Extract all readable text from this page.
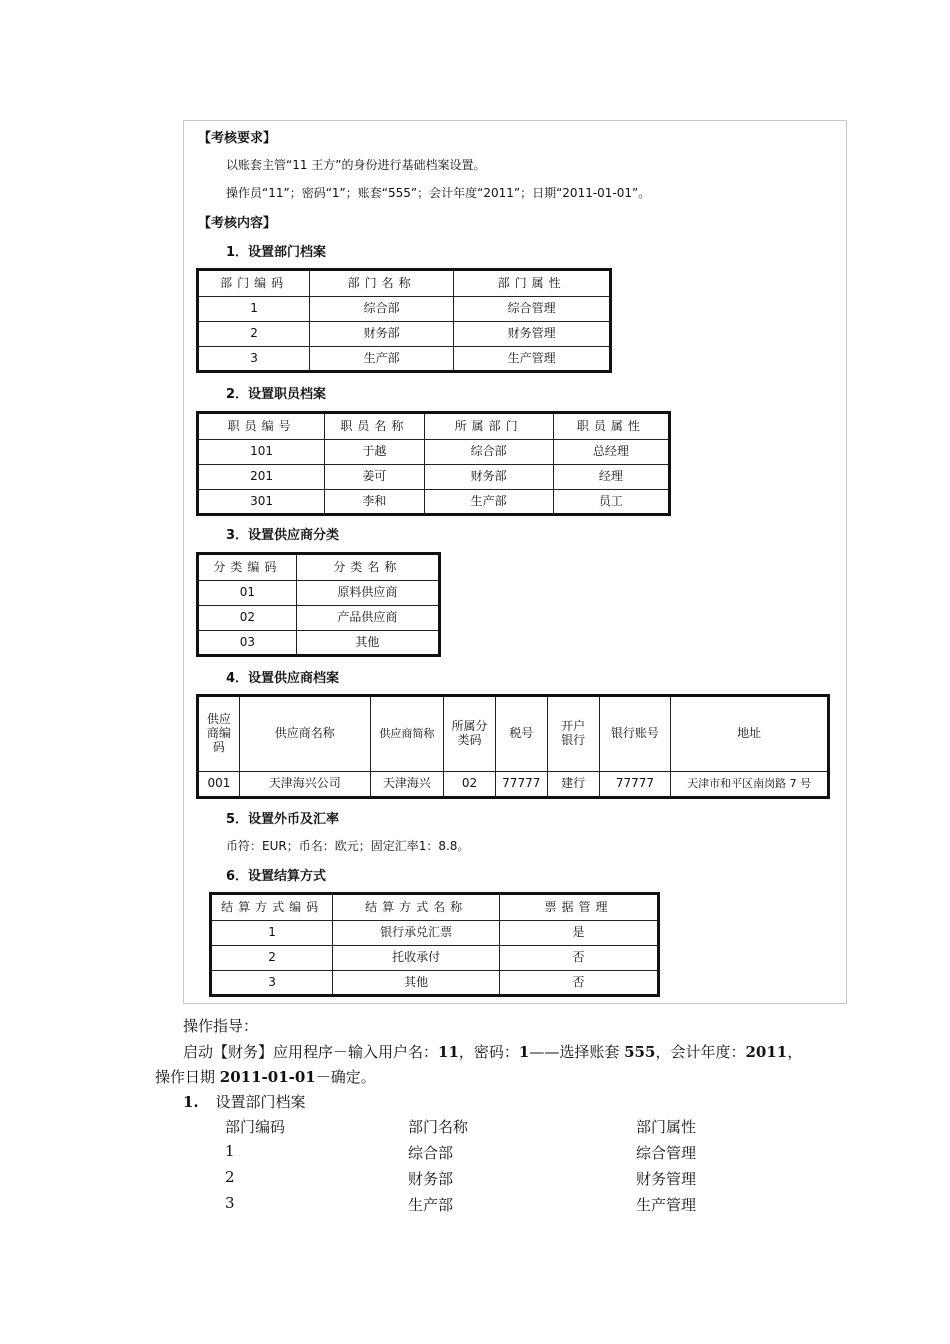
【考核要求】
以账套主管“11 王方”的身份进行基础档案设置。
操作员“11”；密码“1”；账套“555”；会计年度“2011”；日期“2011-01-01”。
【考核内容】
1．设置部门档案
部门编码	部门名称	部门属性
1	综合部	综合管理
2	财务部	财务管理
3	生产部	生产管理
2．设置职员档案
职员编号	职员名称	所属部门	职员属性
101	于越	综合部	总经理
201	姜可	财务部	经理
301	李和	生产部	员工
3．设置供应商分类
分类编码	分类名称
01	原料供应商
02	产品供应商
03	其他
4．设置供应商档案
供应商编码	供应商名称	供应商简称	所属分类码	税号	开户银行	银行账号	地址
001	天津海兴公司	天津海兴	02	77777	建行	77777	天津市和平区南岗路 7 号
5．设置外币及汇率
币符：EUR；币名：欧元；固定汇率1：8.8。
6．设置结算方式
结算方式编码	结算方式名称	票据管理
1	银行承兑汇票	是
2	托收承付	否
3	其他	否
操作指导：
启动【财务】应用程序－输入用户名：11，密码：1——选择账套 555，会计年度：2011，
操作日期 2011-01-01－确定。
1. 设置部门档案
部门编码	部门名称	部门属性
1	综合部	综合管理
2	财务部	财务管理
3	生产部	生产管理
